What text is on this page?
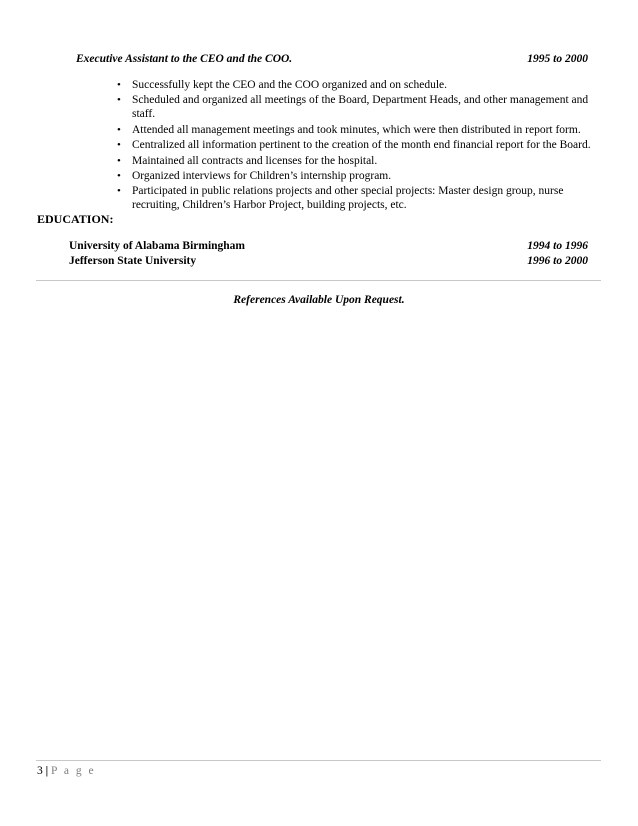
Executive Assistant to the CEO and the COO.	1995 to 2000
• Successfully kept the CEO and the COO organized and on schedule.
• Scheduled and organized all meetings of the Board, Department Heads, and other management and staff.
• Attended all management meetings and took minutes, which were then distributed in report form.
• Centralized all information pertinent to the creation of the month end financial report for the Board.
• Maintained all contracts and licenses for the hospital.
• Organized interviews for Children’s internship program.
• Participated in public relations projects and other special projects: Master design group, nurse recruiting, Children’s Harbor Project, building projects, etc.
EDUCATION:
University of Alabama Birmingham	1994 to 1996
Jefferson State University	1996 to 2000
References Available Upon Request.
3 | P a g e
